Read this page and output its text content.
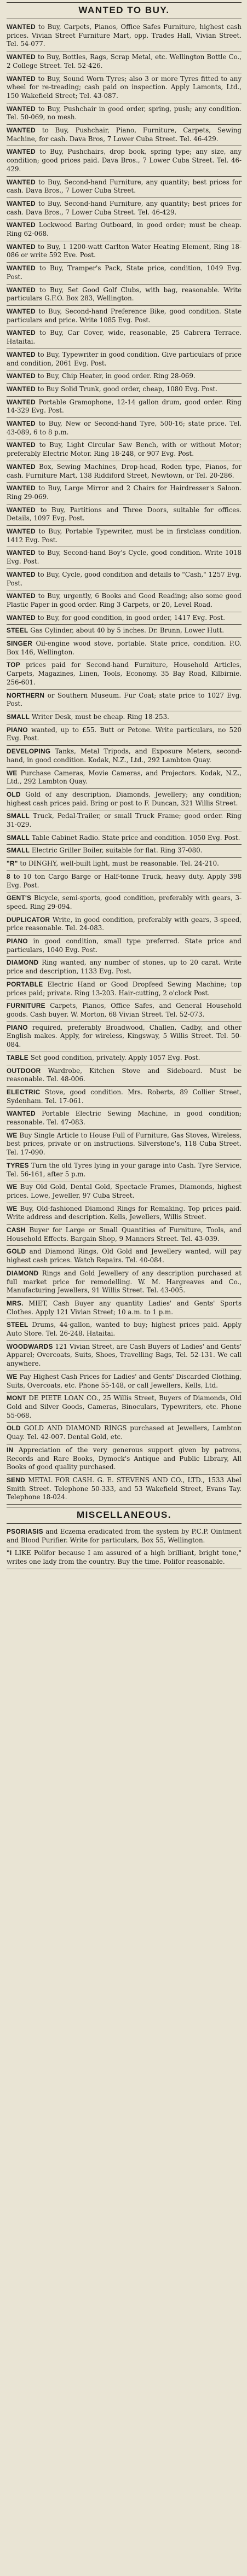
WANTED TO BUY.

WANTED to Buy, Carpets, Pianos, Office Safes Furniture, highest cash prices. Vivian Street Furniture Mart, opp. Trades Hall, Vivian Street. Tel. 54-077.

WANTED to Buy, Bottles, Rags, Scrap Metal, etc. Wellington Bottle Co., 2 College Street. Tel. 52-426.

WANTED to Buy, Sound Worn Tyres; also 3 or more Tyres fitted to any wheel for re-treading; cash paid on inspection. Apply Lamonts, Ltd., 150 Wakefield Street; Tel. 43-087.

WANTED to Buy, Pushchair in good order, spring, push; any condition. Tel. 50-069, no mesh.

WANTED to Buy, Pushchair, Piano, Furniture, Carpets, Sewing Machine, for cash. Dava Bros, 7 Lower Cuba Street. Tel. 46-429.

WANTED to Buy, Pushchairs, drop book, spring type; any size, any condition; good prices paid. Dava Bros., 7 Lower Cuba Street. Tel. 46-429.

WANTED to Buy, Second-hand Furniture, any quantity; best prices for cash. Dava Bros., 7 Lower Cuba Street.

WANTED to Buy, Second-hand Furniture, any quantity; best prices for cash. Dava Bros., 7 Lower Cuba Street. Tel. 46-429.

WANTED Lockwood Baring Outboard, in good order; must be cheap. Ring 62-068.

WANTED to Buy, 1 1200-watt Carlton Water Heating Element, Ring 18-086 or write 592 Eve. Post.

WANTED to Buy, Tramper's Pack, State price, condition, 1049 Evg. Post.

WANTED to Buy, Set Good Golf Clubs, with bag, reasonable. Write particulars G.F.O. Box 283, Wellington.

WANTED to Buy, Second-hand Preference Bike, good condition. State particulars and price. Write 1085 Evg. Post.

WANTED to Buy, Car Cover, wide, reasonable, 25 Cabrera Terrace. Hataitai.

WANTED to Buy, Typewriter in good condition. Give particulars of price and condition, 2061 Evg. Post.

WANTED to Buy, Chip Heater, in good order. Ring 28-069.

WANTED to Buy Solid Trunk, good order, cheap, 1080 Evg. Post.

WANTED Portable Gramophone, 12-14 gallon drum, good order. Ring 14-329 Evg. Post.

WANTED to Buy, New or Second-hand Tyre, 500-16; state price. Tel. 43-089, 6 to 8 p.m.

WANTED to Buy, Light Circular Saw Bench, with or without Motor; preferably Electric Motor. Ring 18-248, or 907 Evg. Post.

WANTED Box, Sewing Machines, Drop-head, Roden type, Pianos, for cash. Furniture Mart, 138 Riddiford Street, Newtown, or Tel. 20-286.

WANTED to Buy, Large Mirror and 2 Chairs for Hairdresser's Saloon. Ring 29-069.

WANTED to Buy, Partitions and Three Doors, suitable for offices. Details, 1097 Evg. Post.

WANTED to Buy, Portable Typewriter, must be in firstclass condition. 1412 Evg. Post.

WANTED to Buy, Second-hand Boy's Cycle, good condition. Write 1018 Evg. Post.

WANTED to Buy, Cycle, good condition and details to "Cash," 1257 Evg. Post.

WANTED to Buy, urgently, 6 Books and Good Reading; also some good Plastic Paper in good order. Ring 3 Carpets, or 20, Level Road.

WANTED to Buy, for good condition, in good order, 1417 Evg. Post.

STEEL Gas Cylinder, about 40 by 5 inches. Dr. Brunn, Lower Hutt.

SINGER Oil-engine wood stove, portable. State price, condition. P.O. Box 146, Wellington.

TOP prices paid for Second-hand Furniture, Household Articles, Carpets, Magazines, Linen, Tools, Economy. 35 Bay Road, Kilbirnie. 256-601.

NORTHERN or Southern Museum. Fur Coat; state price to 1027 Evg. Post.

SMALL Writer Desk, must be cheap. Ring 18-253.

PIANO wanted, up to £55. Butt or Petone. Write particulars, no 520 Evg. Post.

DEVELOPING Tanks, Metal Tripods, and Exposure Meters, second-hand, in good condition. Kodak, N.Z., Ltd., 292 Lambton Quay.

WE Purchase Cameras, Movie Cameras, and Projectors. Kodak, N.Z., Ltd., 292 Lambton Quay.

OLD Gold of any description, Diamonds, Jewellery; any condition; highest cash prices paid. Bring or post to F. Duncan, 321 Willis Street.

SMALL Truck, Pedal-Trailer, or small Truck Frame; good order. Ring 31-029.

SMALL Table Cabinet Radio. State price and condition. 1050 Evg. Post.

SMALL Electric Griller Boiler, suitable for flat. Ring 37-080.

"R" to DINGHY, well-built light, must be reasonable. Tel. 24-210.

8 to 10 ton Cargo Barge or Half-tonne Truck, heavy duty. Apply 398 Evg. Post.

GENT'S Bicycle, semi-sports, good condition, preferably with gears, 3-speed. Ring 29-094.

DUPLICATOR Write, in good condition, preferably with gears, 3-speed, price reasonable. Tel. 24-083.

PIANO in good condition, small type preferred. State price and particulars, 1040 Evg. Post.

DIAMOND Ring wanted, any number of stones, up to 20 carat. Write price and description, 1133 Evg. Post.

PORTABLE Electric Hand or Good Dropfeed Sewing Machine; top prices paid; private. Ring 13-203. Hair-cutting, 2 o'clock Post.

FURNITURE Carpets, Pianos, Office Safes, and General Household goods. Cash buyer. W. Morton, 68 Vivian Street. Tel. 52-073.

PIANO required, preferably Broadwood, Challen, Cadby, and other English makes. Apply, for wireless, Kingsway, 5 Willis Street. Tel. 50-084.

TABLE Set good condition, privately. Apply 1057 Evg. Post.

OUTDOOR Wardrobe, Kitchen Stove and Sideboard. Must be reasonable. Tel. 48-006.

ELECTRIC Stove, good condition. Mrs. Roberts, 89 Collier Street, Sydenham. Tel. 17-061.

WANTED Portable Electric Sewing Machine, in good condition; reasonable. Tel. 47-083.

WE Buy Single Article to House Full of Furniture, Gas Stoves, Wireless, best prices, private or on instructions. Silverstone's, 118 Cuba Street. Tel. 17-090.

TYRES Turn the old Tyres lying in your garage into Cash. Tyre Service, Tel. 56-161, after 5 p.m.

WE Buy Old Gold, Dental Gold, Spectacle Frames, Diamonds, highest prices. Lowe, Jeweller, 97 Cuba Street.

WE Buy, Old-fashioned Diamond Rings for Remaking. Top prices paid. Write address and description. Kells, Jewellers, Willis Street.

CASH Buyer for Large or Small Quantities of Furniture, Tools, and Household Effects. Bargain Shop, 9 Manners Street. Tel. 43-039.

GOLD and Diamond Rings, Old Gold and Jewellery wanted, will pay highest cash prices. Watch Repairs. Tel. 40-084.

DIAMOND Rings and Gold Jewellery of any description purchased at full market price for remodelling. W. M. Hargreaves and Co., Manufacturing Jewellers, 91 Willis Street. Tel. 43-005.

MRS. MIET, Cash Buyer any quantity Ladies' and Gents' Sports Clothes. Apply 121 Vivian Street; 10 a.m. to 1 p.m.

STEEL Drums, 44-gallon, wanted to buy; highest prices paid. Apply Auto Store. Tel. 26-248. Hataitai.

WOODWARDS 121 Vivian Street, are Cash Buyers of Ladies' and Gents' Apparel; Overcoats, Suits, Shoes, Travelling Bags, Tel. 52-131. We call anywhere.

WE Pay Highest Cash Prices for Ladies' and Gents' Discarded Clothing, Suits, Overcoats, etc. Phone 55-148, or call Jewellers, Kells, Ltd.

MONT DE PIETE LOAN CO., 25 Willis Street, Buyers of Diamonds, Old Gold and Silver Goods, Cameras, Binoculars, Typewriters, etc. Phone 55-068.

OLD GOLD AND DIAMOND RINGS purchased at Jewellers, Lambton Quay. Tel. 42-007. Dental Gold, etc.

IN Appreciation of the very generous support given by patrons, Records and Rare Books, Dymock's Antique and Public Library, All Books of good quality purchased.

SEND METAL FOR CASH. G. E. STEVENS AND CO., LTD., 1533 Abel Smith Street. Telephone 50-333, and 53 Wakefield Street, Evans Tay. Telephone 18-024.

MISCELLANEOUS.

PSORIASIS and Eczema eradicated from the system by P.C.P. Ointment and Blood Purifier. Write for particulars, Box 55, Wellington.

"I LIKE Polifor because I am assured of a high brilliant, bright tone," writes one lady from the country. Buy the time. Polifor reasonable.
